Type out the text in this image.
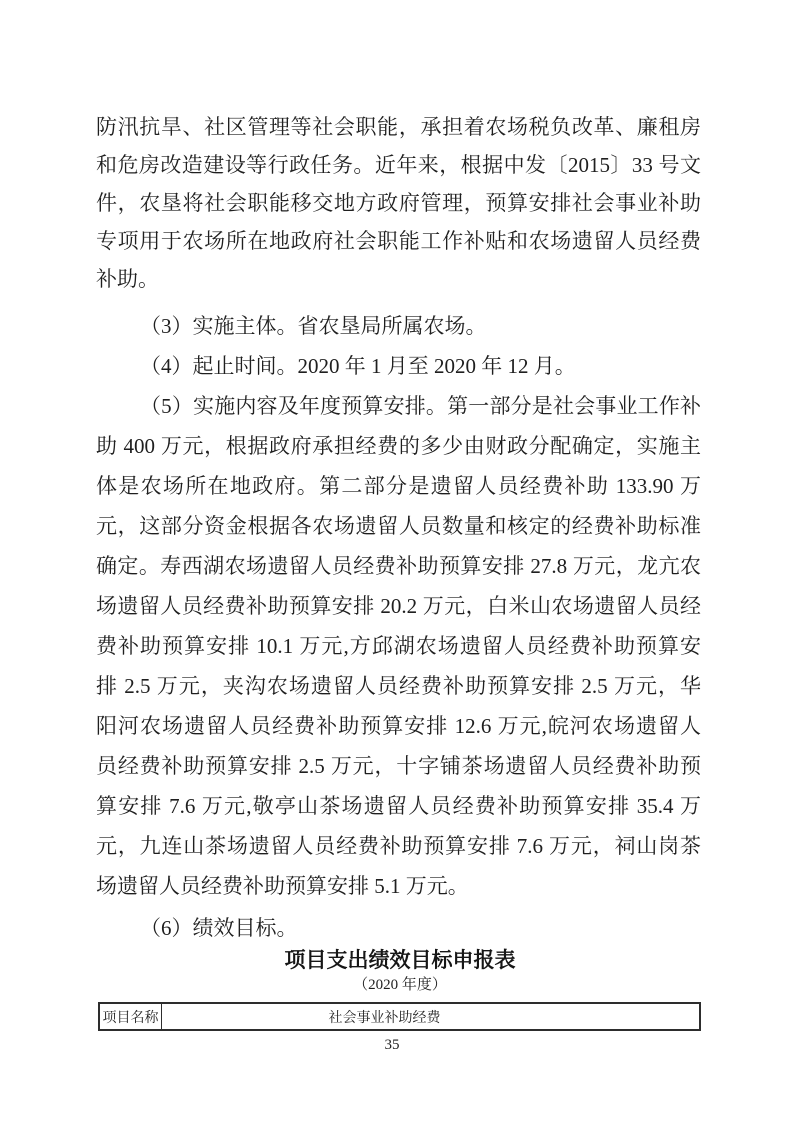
防汛抗旱、社区管理等社会职能，承担着农场税负改革、廉租房
和危房改造建设等行政任务。近年来，根据中发〔2015〕33 号文
件，农垦将社会职能移交地方政府管理，预算安排社会事业补助
专项用于农场所在地政府社会职能工作补贴和农场遗留人员经费
补助。
（3）实施主体。省农垦局所属农场。
（4）起止时间。2020 年 1 月至 2020 年 12 月。
（5）实施内容及年度预算安排。第一部分是社会事业工作补
助 400 万元，根据政府承担经费的多少由财政分配确定，实施主
体是农场所在地政府。第二部分是遗留人员经费补助 133.90 万
元，这部分资金根据各农场遗留人员数量和核定的经费补助标准
确定。寿西湖农场遗留人员经费补助预算安排 27.8 万元，龙亢农
场遗留人员经费补助预算安排 20.2 万元，白米山农场遗留人员经
费补助预算安排 10.1 万元,方邱湖农场遗留人员经费补助预算安
排 2.5 万元，夹沟农场遗留人员经费补助预算安排 2.5 万元，华
阳河农场遗留人员经费补助预算安排 12.6 万元,皖河农场遗留人
员经费补助预算安排 2.5 万元，十字铺茶场遗留人员经费补助预
算安排 7.6 万元,敬亭山茶场遗留人员经费补助预算安排 35.4 万
元，九连山茶场遗留人员经费补助预算安排 7.6 万元，祠山岗茶
场遗留人员经费补助预算安排 5.1 万元。
（6）绩效目标。
项目支出绩效目标申报表
（2020 年度）
项目名称	社会事业补助经费
35
